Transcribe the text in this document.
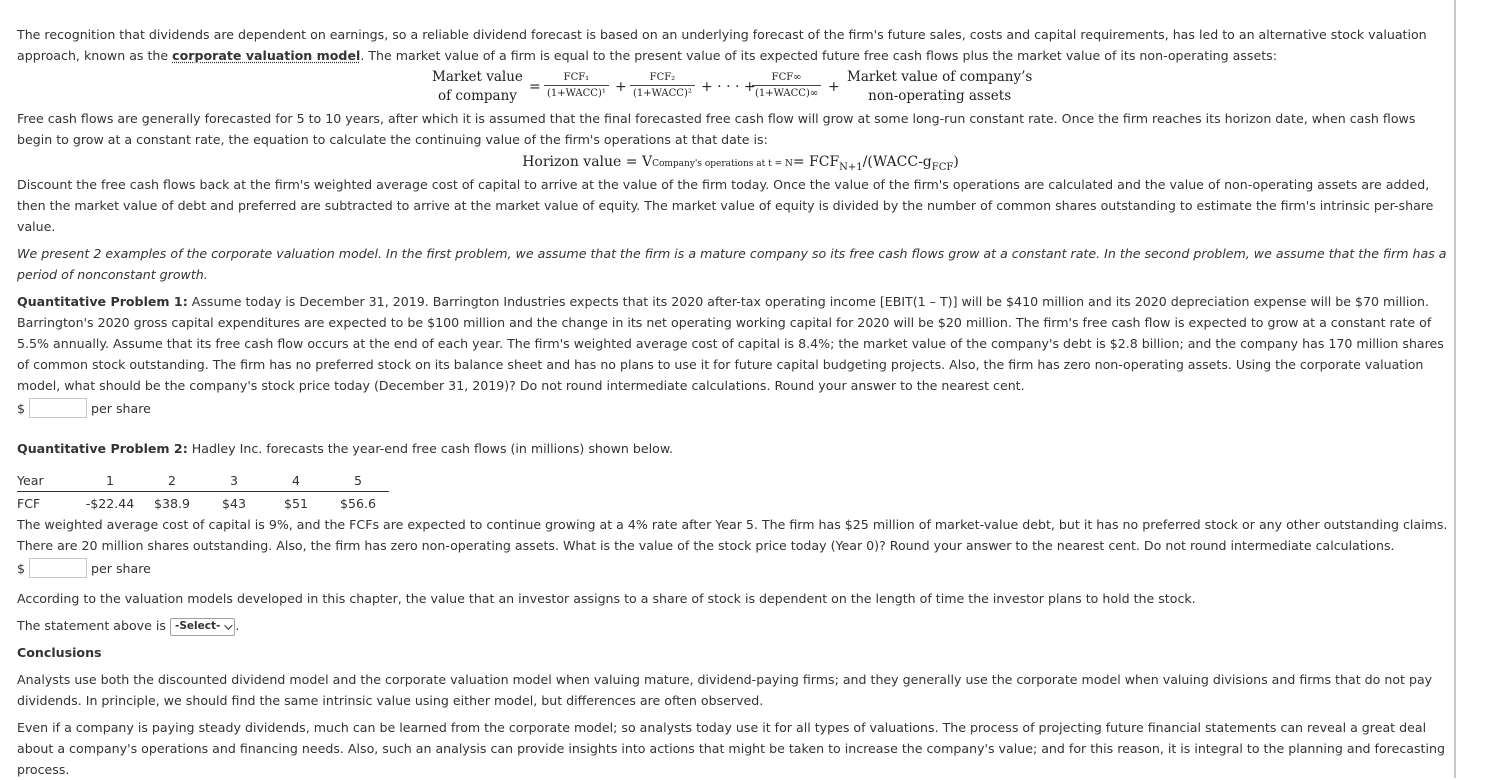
The recognition that dividends are dependent on earnings, so a reliable dividend forecast is based on an underlying forecast of the firm's future sales, costs and capital requirements, has led to an alternative stock valuation approach, known as the corporate valuation model. The market value of a firm is equal to the present value of its expected future free cash flows plus the market value of its non-operating assets:

Market value
of company
=
FCF₁
(1+WACC)¹ +
FCF₂
(1+WACC)² + · · · +
FCF∞
(1+WACC)∞ +
Market value of company’s
non-operating assets

Free cash flows are generally forecasted for 5 to 10 years, after which it is assumed that the final forecasted free cash flow will grow at some long-run constant rate. Once the firm reaches its horizon date, when cash flows begin to grow at a constant rate, the equation to calculate the continuing value of the firm's operations at that date is:

Horizon value = VCompany's operations at $t = N= FCF_{N+1}/(WACC-g_{FCF})$

Discount the free cash flows back at the firm's weighted average cost of capital to arrive at the value of the firm today. Once the value of the firm's operations are calculated and the value of non-operating assets are added, then the market value of debt and preferred are subtracted to arrive at the market value of equity. The market value of equity is divided by the number of common shares outstanding to estimate the firm's intrinsic per-share value.

We present 2 examples of the corporate valuation model. In the first problem, we assume that the firm is a mature company so its free cash flows grow at a constant rate. In the second problem, we assume that the firm has a period of nonconstant growth.

Quantitative Problem 1: Assume today is December 31, 2019. Barrington Industries expects that its 2020 after-tax operating income [EBIT(1 – T)] will be $410 million and its 2020 depreciation expense will be $70 million. Barrington's 2020 gross capital expenditures are expected to be $100 million and the change in its net operating working capital for 2020 will be $20 million. The firm's free cash flow is expected to grow at a constant rate of 5.5% annually. Assume that its free cash flow occurs at the end of each year. The firm's weighted average cost of capital is 8.4%; the market value of the company's debt is $2.8 billion; and the company has 170 million shares of common stock outstanding. The firm has no preferred stock on its balance sheet and has no plans to use it for future capital budgeting projects. Also, the firm has zero non-operating assets. Using the corporate valuation model, what should be the company's stock price today (December 31, 2019)? Do not round intermediate calculations. Round your answer to the nearest cent.

$	per share

Quantitative Problem 2: Hadley Inc. forecasts the year-end free cash flows (in millions) shown below.

Year	1	2	3	4	5
FCF	-$22.44	$38.9	$43	$51	$56.6

The weighted average cost of capital is 9%, and the FCFs are expected to continue growing at a 4% rate after Year 5. The firm has $25 million of market-value debt, but it has no preferred stock or any other outstanding claims. There are 20 million shares outstanding. Also, the firm has zero non-operating assets. What is the value of the stock price today (Year 0)? Round your answer to the nearest cent. Do not round intermediate calculations.

$	per share

According to the valuation models developed in this chapter, the value that an investor assigns to a share of stock is dependent on the length of time the investor plans to hold the stock.

The statement above is -Select- .

Conclusions

Analysts use both the discounted dividend model and the corporate valuation model when valuing mature, dividend-paying firms; and they generally use the corporate model when valuing divisions and firms that do not pay dividends. In principle, we should find the same intrinsic value using either model, but differences are often observed.

Even if a company is paying steady dividends, much can be learned from the corporate model; so analysts today use it for all types of valuations. The process of projecting future financial statements can reveal a great deal about a company's operations and financing needs. Also, such an analysis can provide insights into actions that might be taken to increase the company's value; and for this reason, it is integral to the planning and forecasting process.
